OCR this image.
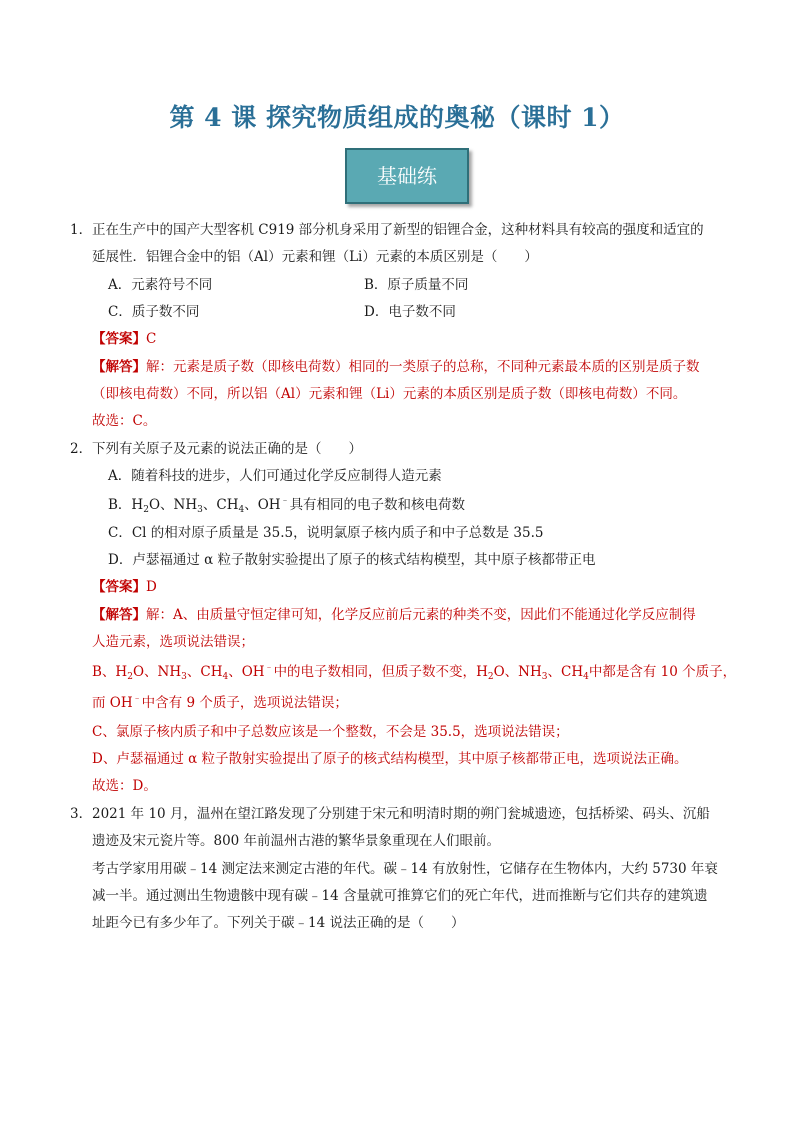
第 4 课 探究物质组成的奥秘（课时 1）
基础练
1． 正在生产中的国产大型客机 C919 部分机身采用了新型的铝锂合金，这种材料具有较高的强度和适宜的
延展性．铝锂合金中的铝（Al）元素和锂（Li）元素的本质区别是（　　）
A．元素符号不同	B．原子质量不同
C．质子数不同	D．电子数不同
【答案】C
【解答】解：元素是质子数（即核电荷数）相同的一类原子的总称，不同种元素最本质的区别是质子数
（即核电荷数）不同，所以铝（Al）元素和锂（Li）元素的本质区别是质子数（即核电荷数）不同。
故选：C。
2． 下列有关原子及元素的说法正确的是（　　）
A．随着科技的进步，人们可通过化学反应制得人造元素
B．$H_2O$、$NH_3$、$CH_4$、OH﹣具有相同的电子数和核电荷数
C．Cl 的相对原子质量是 35.5，说明氯原子核内质子和中子总数是 35.5
D．卢瑟福通过 α 粒子散射实验提出了原子的核式结构模型，其中原子核都带正电
【答案】D
【解答】解：A、由质量守恒定律可知，化学反应前后元素的种类不变，因此们不能通过化学反应制得
人造元素，选项说法错误；
B、$H_2O$、$NH_3$、$CH_4$、OH﹣中的电子数相同，但质子数不变，$H_2O$、$NH_3$、$CH_4$中都是含有 10 个质子，
而 OH﹣中含有 9 个质子，选项说法错误；
C、氯原子核内质子和中子总数应该是一个整数，不会是 35.5，选项说法错误；
D、卢瑟福通过 α 粒子散射实验提出了原子的核式结构模型，其中原子核都带正电，选项说法正确。
故选：D。
3． 2021 年 10 月，温州在望江路发现了分别建于宋元和明清时期的朔门瓮城遗迹，包括桥梁、码头、沉船
遗迹及宋元瓷片等。800 年前温州古港的繁华景象重现在人们眼前。
考古学家用用碳﹣14 测定法来测定古港的年代。碳﹣14 有放射性，它储存在生物体内，大约 5730 年衰
减一半。通过测出生物遗骸中现有碳﹣14 含量就可推算它们的死亡年代，进而推断与它们共存的建筑遗
址距今已有多少年了。下列关于碳﹣14 说法正确的是（　　）
